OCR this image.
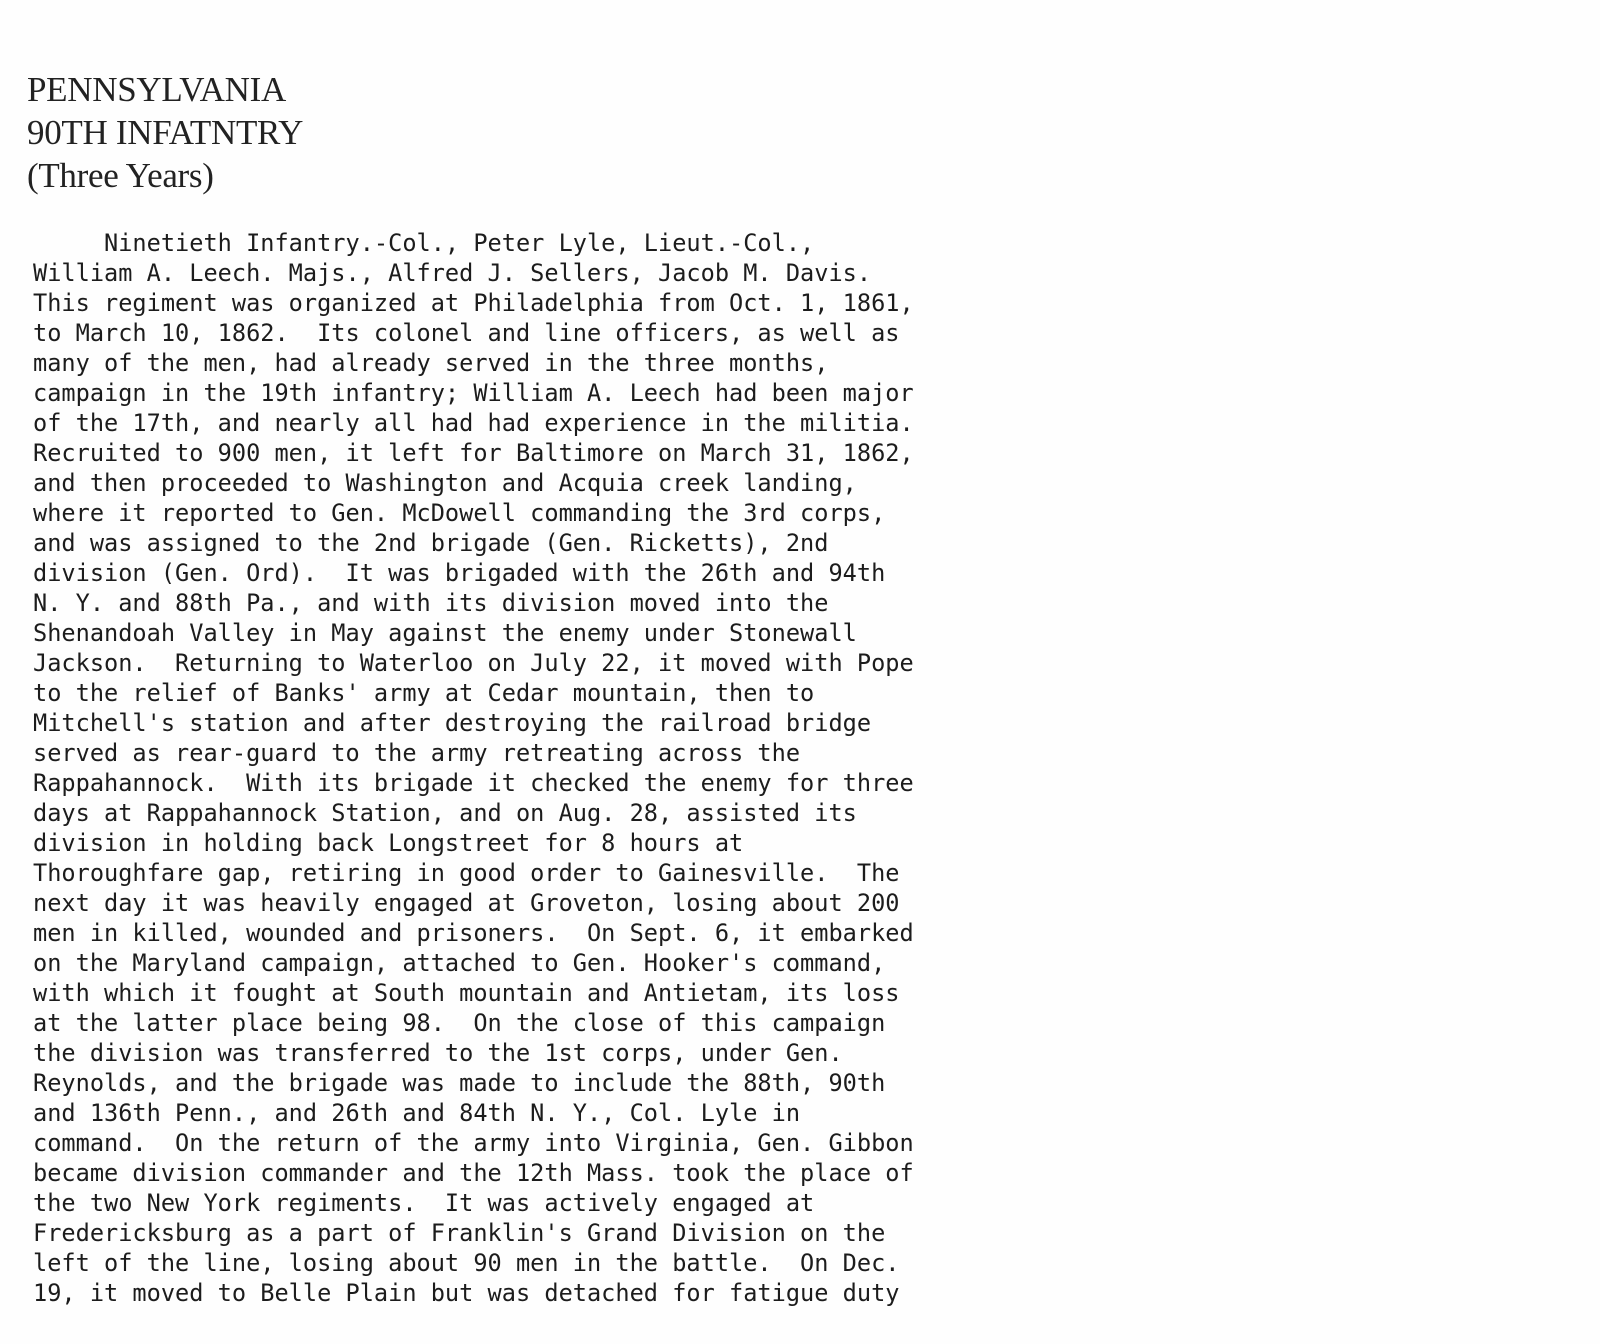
PENNSYLVANIA
90TH INFATNTRY
(Three Years)
Ninetieth Infantry.-Col., Peter Lyle, Lieut.-Col.,
William A. Leech. Majs., Alfred J. Sellers, Jacob M. Davis.
This regiment was organized at Philadelphia from Oct. 1, 1861,
to March 10, 1862.  Its colonel and line officers, as well as
many of the men, had already served in the three months,
campaign in the 19th infantry; William A. Leech had been major
of the 17th, and nearly all had had experience in the militia.
Recruited to 900 men, it left for Baltimore on March 31, 1862,
and then proceeded to Washington and Acquia creek landing,
where it reported to Gen. McDowell commanding the 3rd corps,
and was assigned to the 2nd brigade (Gen. Ricketts), 2nd
division (Gen. Ord).  It was brigaded with the 26th and 94th
N. Y. and 88th Pa., and with its division moved into the
Shenandoah Valley in May against the enemy under Stonewall
Jackson.  Returning to Waterloo on July 22, it moved with Pope
to the relief of Banks' army at Cedar mountain, then to
Mitchell's station and after destroying the railroad bridge
served as rear-guard to the army retreating across the
Rappahannock.  With its brigade it checked the enemy for three
days at Rappahannock Station, and on Aug. 28, assisted its
division in holding back Longstreet for 8 hours at
Thoroughfare gap, retiring in good order to Gainesville.  The
next day it was heavily engaged at Groveton, losing about 200
men in killed, wounded and prisoners.  On Sept. 6, it embarked
on the Maryland campaign, attached to Gen. Hooker's command,
with which it fought at South mountain and Antietam, its loss
at the latter place being 98.  On the close of this campaign
the division was transferred to the 1st corps, under Gen.
Reynolds, and the brigade was made to include the 88th, 90th
and 136th Penn., and 26th and 84th N. Y., Col. Lyle in
command.  On the return of the army into Virginia, Gen. Gibbon
became division commander and the 12th Mass. took the place of
the two New York regiments.  It was actively engaged at
Fredericksburg as a part of Franklin's Grand Division on the
left of the line, losing about 90 men in the battle.  On Dec.
19, it moved to Belle Plain but was detached for fatigue duty
